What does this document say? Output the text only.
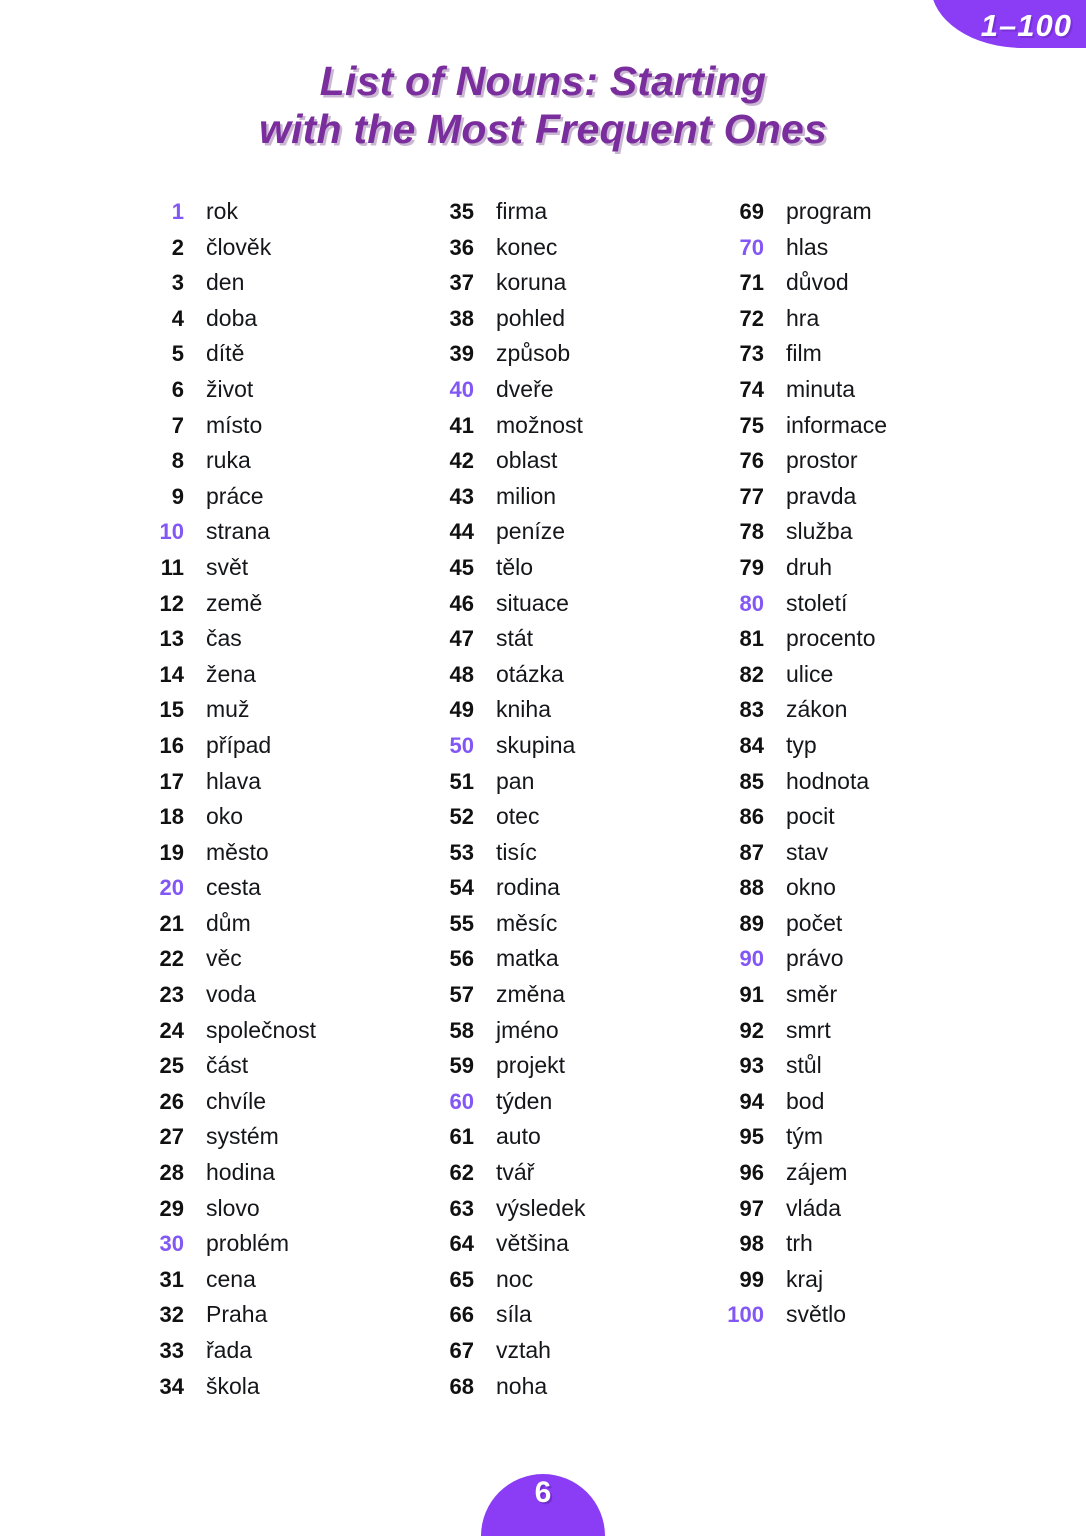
1–100
List of Nouns: Starting
with the Most Frequent Ones
1 rok
2 člověk
3 den
4 doba
5 dítě
6 život
7 místo
8 ruka
9 práce
10 strana
11 svět
12 země
13 čas
14 žena
15 muž
16 případ
17 hlava
18 oko
19 město
20 cesta
21 dům
22 věc
23 voda
24 společnost
25 část
26 chvíle
27 systém
28 hodina
29 slovo
30 problém
31 cena
32 Praha
33 řada
34 škola
35 firma
36 konec
37 koruna
38 pohled
39 způsob
40 dveře
41 možnost
42 oblast
43 milion
44 peníze
45 tělo
46 situace
47 stát
48 otázka
49 kniha
50 skupina
51 pan
52 otec
53 tisíc
54 rodina
55 měsíc
56 matka
57 změna
58 jméno
59 projekt
60 týden
61 auto
62 tvář
63 výsledek
64 většina
65 noc
66 síla
67 vztah
68 noha
69 program
70 hlas
71 důvod
72 hra
73 film
74 minuta
75 informace
76 prostor
77 pravda
78 služba
79 druh
80 století
81 procento
82 ulice
83 zákon
84 typ
85 hodnota
86 pocit
87 stav
88 okno
89 počet
90 právo
91 směr
92 smrt
93 stůl
94 bod
95 tým
96 zájem
97 vláda
98 trh
99 kraj
100 světlo
6
